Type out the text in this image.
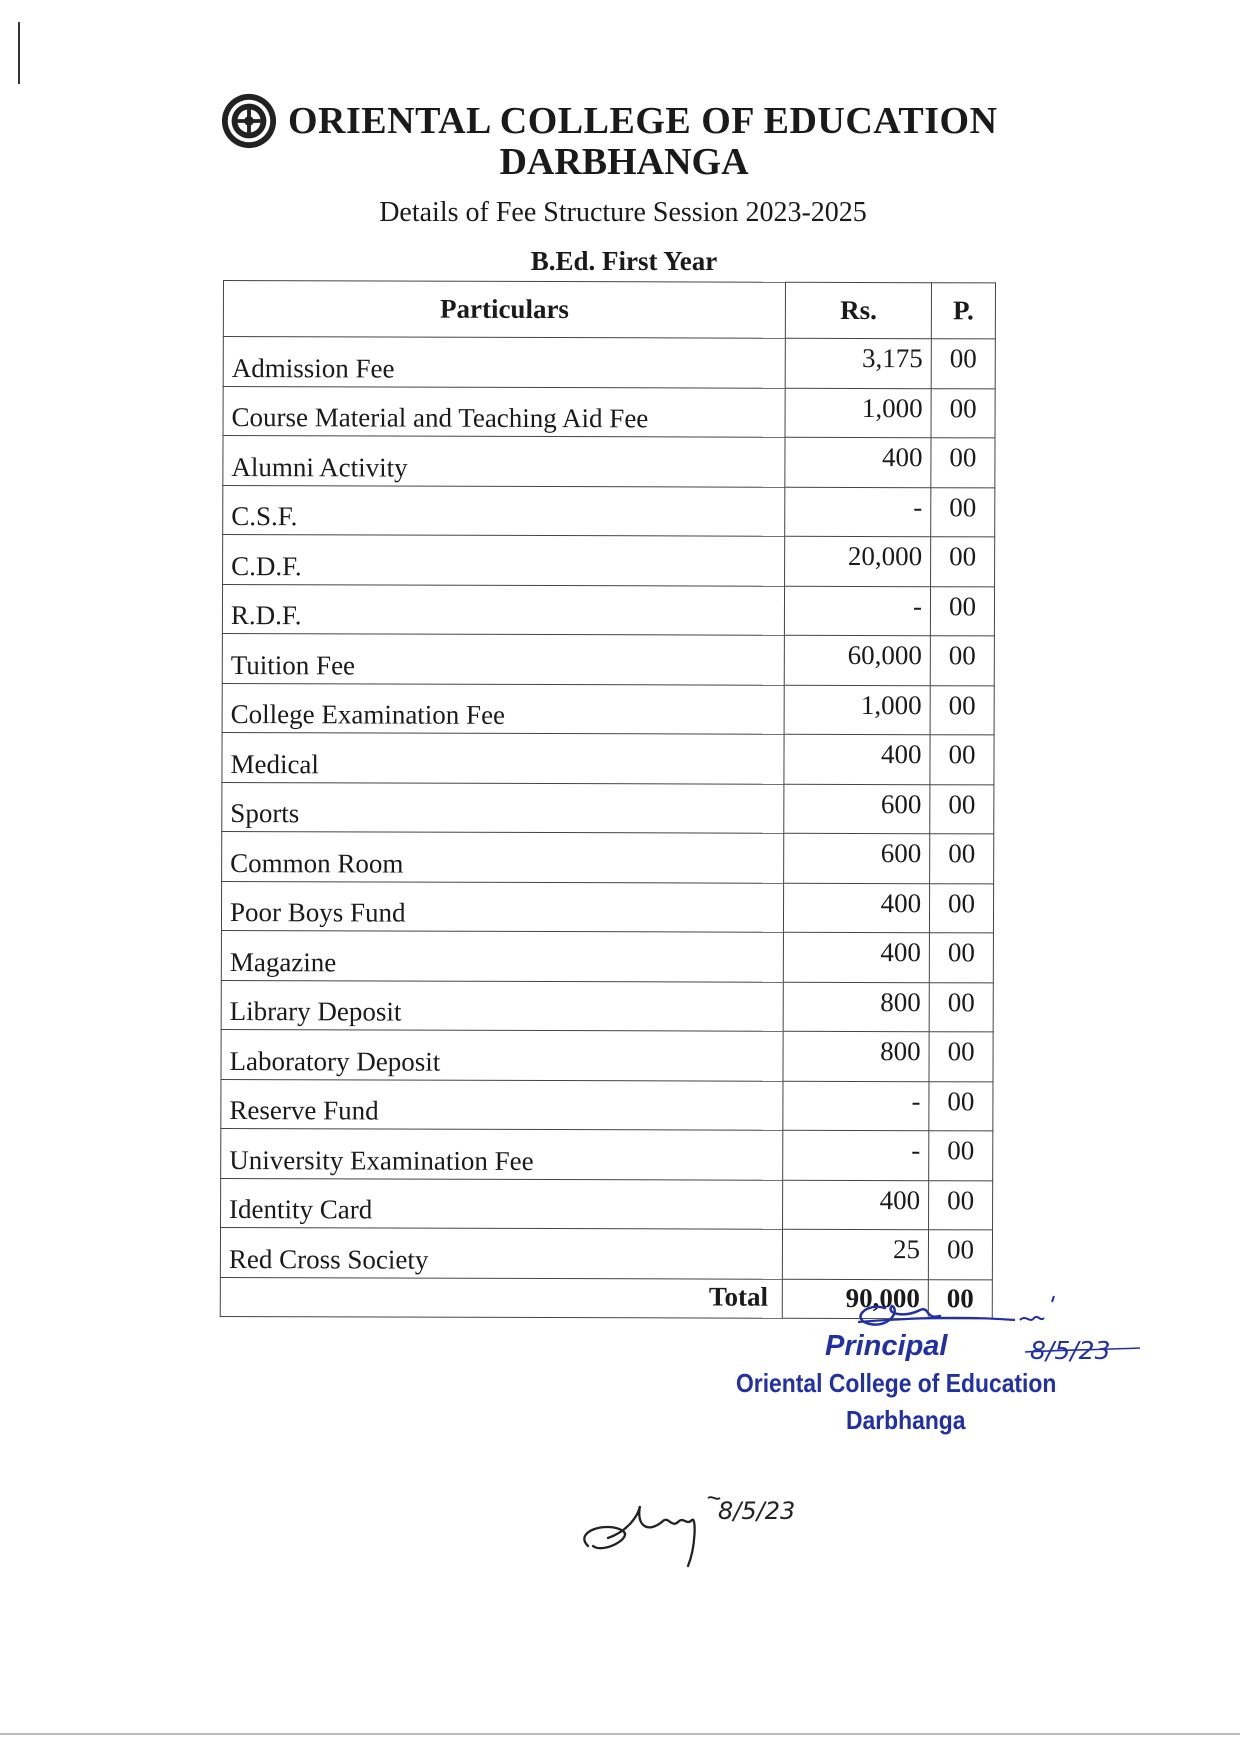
ORIENTAL COLLEGE OF EDUCATION
DARBHANGA
Details of Fee Structure Session 2023-2025
B.Ed. First Year
Particulars	Rs.	P.
Admission Fee	3,175	00
Course Material and Teaching Aid Fee	1,000	00
Alumni Activity	400	00
C.S.F.	-	00
C.D.F.	20,000	00
R.D.F.	-	00
Tuition Fee	60,000	00
College Examination Fee	1,000	00
Medical	400	00
Sports	600	00
Common Room	600	00
Poor Boys Fund	400	00
Magazine	400	00
Library Deposit	800	00
Laboratory Deposit	800	00
Reserve Fund	-	00
University Examination Fee	-	00
Identity Card	400	00
Red Cross Society	25	00
Total	90,000	00
Principal	8/5/23
Oriental College of Education
Darbhanga
8/5/23
